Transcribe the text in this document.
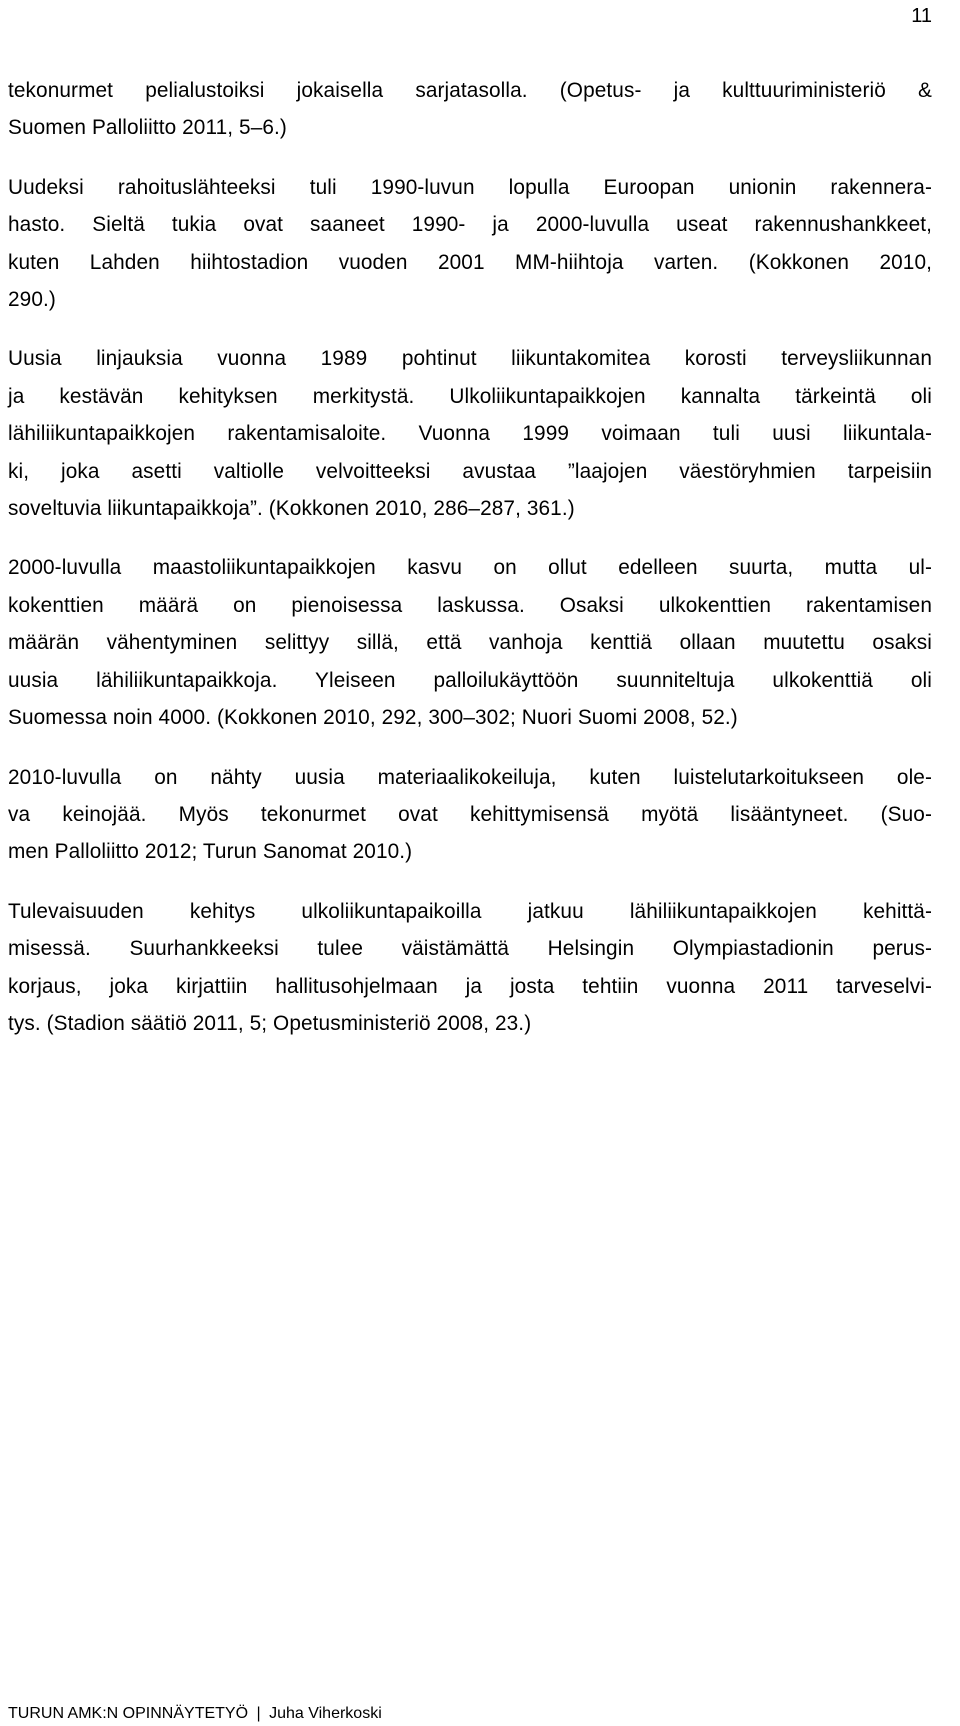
11

tekonurmet pelialustoiksi jokaisella sarjatasolla. (Opetus- ja kulttuuriministeriö &
Suomen Palloliitto 2011, 5–6.)

Uudeksi rahoituslähteeksi tuli 1990-luvun lopulla Euroopan unionin rakennera-
hasto. Sieltä tukia ovat saaneet 1990- ja 2000-luvulla useat rakennushankkeet,
kuten Lahden hiihtostadion vuoden 2001 MM-hiihtoja varten. (Kokkonen 2010,
290.)

Uusia linjauksia vuonna 1989 pohtinut liikuntakomitea korosti terveysliikunnan
ja kestävän kehityksen merkitystä. Ulkoliikuntapaikkojen kannalta tärkeintä oli
lähiliikuntapaikkojen rakentamisaloite. Vuonna 1999 voimaan tuli uusi liikuntala-
ki, joka asetti valtiolle velvoitteeksi avustaa ”laajojen väestöryhmien tarpeisiin
soveltuvia liikuntapaikkoja”. (Kokkonen 2010, 286–287, 361.)

2000-luvulla maastoliikuntapaikkojen kasvu on ollut edelleen suurta, mutta ul-
kokenttien määrä on pienoisessa laskussa. Osaksi ulkokenttien rakentamisen
määrän vähentyminen selittyy sillä, että vanhoja kenttiä ollaan muutettu osaksi
uusia lähiliikuntapaikkoja. Yleiseen palloilukäyttöön suunniteltuja ulkokenttiä oli
Suomessa noin 4000. (Kokkonen 2010, 292, 300–302; Nuori Suomi 2008, 52.)

2010-luvulla on nähty uusia materiaalikokeiluja, kuten luistelutarkoitukseen ole-
va keinojää. Myös tekonurmet ovat kehittymisensä myötä lisääntyneet. (Suo-
men Palloliitto 2012; Turun Sanomat 2010.)

Tulevaisuuden kehitys ulkoliikuntapaikoilla jatkuu lähiliikuntapaikkojen kehittä-
misessä. Suurhankkeeksi tulee väistämättä Helsingin Olympiastadionin perus-
korjaus, joka kirjattiin hallitusohjelmaan ja josta tehtiin vuonna 2011 tarveselvi-
tys. (Stadion säätiö 2011, 5; Opetusministeriö 2008, 23.)

TURUN AMK:N OPINNÄYTETYÖ | Juha Viherkoski
